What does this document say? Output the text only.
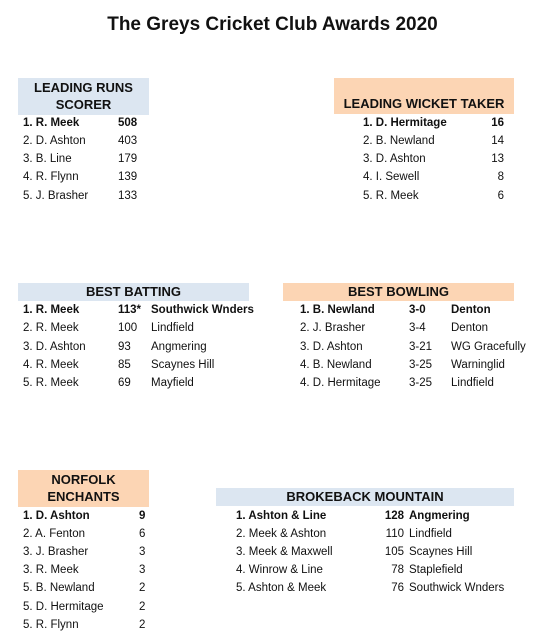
The Greys Cricket Club Awards 2020
LEADING RUNS
SCORER
1. R. Meek	508
2. D. Ashton	403
3. B. Line	179
4. R. Flynn	139
5. J. Brasher	133
LEADING WICKET TAKER
1. D. Hermitage	16
2. B. Newland	14
3. D. Ashton	13
4. I. Sewell	8
5. R. Meek	6
BEST BATTING
1. R. Meek	113* Southwick Wnders
2. R. Meek	100 Lindfield
3. D. Ashton	93 Angmering
4. R. Meek	85 Scaynes Hill
5. R. Meek	69 Mayfield
BEST BOWLING
1. B. Newland	3-0 Denton
2. J. Brasher	3-4 Denton
3. D. Ashton	3-21 WG Gracefully
4. B. Newland	3-25 Warninglid
4. D. Hermitage 3-25 Lindfield
NORFOLK
ENCHANTS
1. D. Ashton	9
2. A. Fenton	6
3. J. Brasher	3
3. R. Meek	3
5. B. Newland	2
5. D. Hermitage	2
5. R. Flynn	2
BROKEBACK MOUNTAIN
1. Ashton & Line	128 Angmering
2. Meek & Ashton	110 Lindfield
3. Meek & Maxwell	105 Scaynes Hill
4. Winrow & Line	78 Staplefield
5. Ashton & Meek	76 Southwick Wnders
